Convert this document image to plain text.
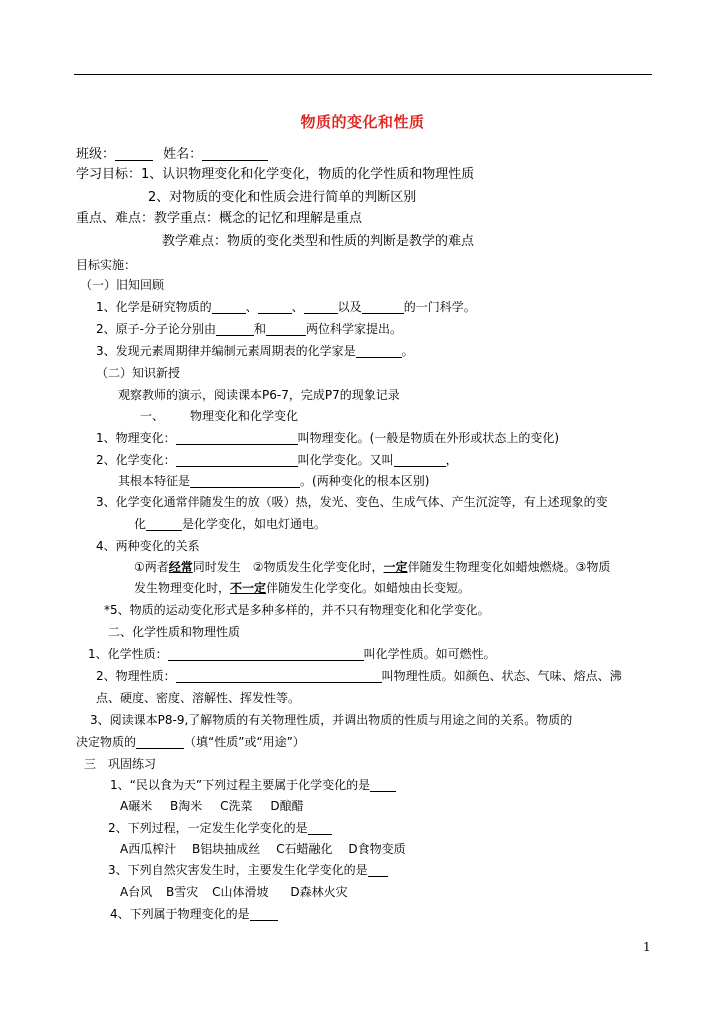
物质的变化和性质
班级：	姓名：
学习目标：1、认识物理变化和化学变化，物质的化学性质和物理性质
2、对物质的变化和性质会进行简单的判断区别
重点、难点：教学重点：概念的记忆和理解是重点
教学难点：物质的变化类型和性质的判断是教学的难点
目标实施：
（一）旧知回顾
1、化学是研究物质的	、	、	以及	的一门科学。
2、原子-分子论分别由	和	两位科学家提出。
3、发现元素周期律并编制元素周期表的化学家是	。
（二）知识新授
观察教师的演示，阅读课本P6-7，完成P7的现象记录
一、 物理变化和化学变化
1、物理变化：	叫物理变化。(一般是物质在外形或状态上的变化)
2、化学变化：	叫化学变化。又叫	，
其根本特征是	。(两种变化的根本区别)
3、化学变化通常伴随发生的放（吸）热，发光、变色、生成气体、产生沉淀等，有上述现象的变
化	是化学变化，如电灯通电。
4、两种变化的关系
①两者经常同时发生　②物质发生化学变化时，一定伴随发生物理变化如蜡烛燃烧。③物质
发生物理变化时，不一定伴随发生化学变化。如蜡烛由长变短。
*5、物质的运动变化形式是多种多样的，并不只有物理变化和化学变化。
二、化学性质和物理性质
1、化学性质：	叫化学性质。如可燃性。
2、物理性质：	叫物理性质。如颜色、状态、气味、熔点、沸
点、硬度、密度、溶解性、挥发性等。
3、阅读课本P8-9,了解物质的有关物理性质，并调出物质的性质与用途之间的关系。物质的
决定物质的	（填“性质”或“用途”）
三　巩固练习
1、“民以食为天”下列过程主要属于化学变化的是
A碾米 B淘米 C洗菜 D酿醋
2、下列过程，一定发生化学变化的是
A西瓜榨汁 B铝块抽成丝 C石蜡融化 D食物变质
3、下列自然灾害发生时，主要发生化学变化的是
A台风 B雪灾 C山体滑坡 D森林火灾
4、下列属于物理变化的是
1
